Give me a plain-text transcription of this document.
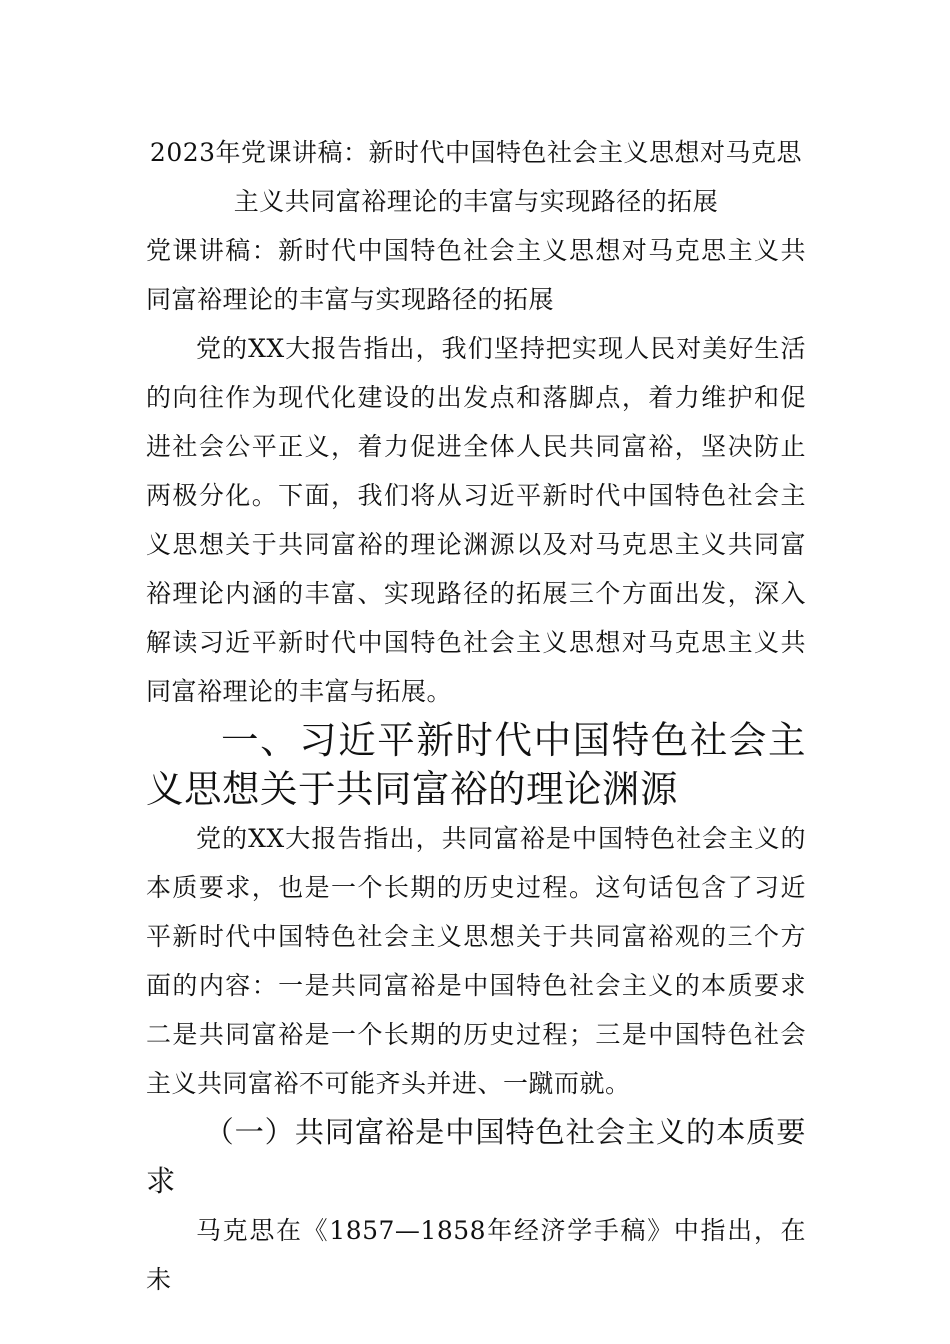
2023年党课讲稿：新时代中国特色社会主义思想对马克思主义共同富裕理论的丰富与实现路径的拓展

党课讲稿：新时代中国特色社会主义思想对马克思主义共同富裕理论的丰富与实现路径的拓展

党的XX大报告指出，我们坚持把实现人民对美好生活的向往作为现代化建设的出发点和落脚点，着力维护和促进社会公平正义，着力促进全体人民共同富裕，坚决防止两极分化。下面，我们将从习近平新时代中国特色社会主义思想关于共同富裕的理论渊源以及对马克思主义共同富裕理论内涵的丰富、实现路径的拓展三个方面出发，深入解读习近平新时代中国特色社会主义思想对马克思主义共同富裕理论的丰富与拓展。

一、习近平新时代中国特色社会主义思想关于共同富裕的理论渊源

党的XX大报告指出，共同富裕是中国特色社会主义的本质要求，也是一个长期的历史过程。这句话包含了习近平新时代中国特色社会主义思想关于共同富裕观的三个方面的内容：一是共同富裕是中国特色社会主义的本质要求二是共同富裕是一个长期的历史过程；三是中国特色社会主义共同富裕不可能齐头并进、一蹴而就。

（一）共同富裕是中国特色社会主义的本质要求

马克思在《1857—1858年经济学手稿》中指出，在未
